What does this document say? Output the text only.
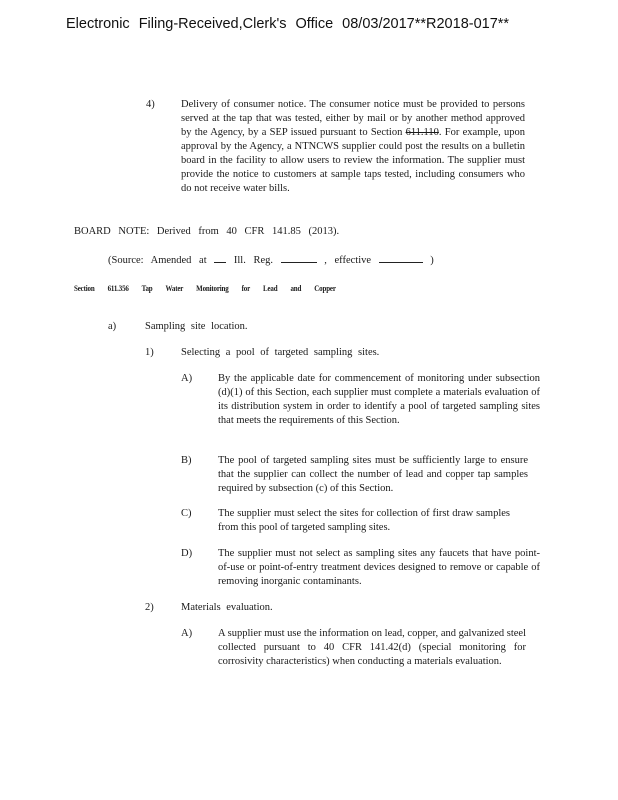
Electronic Filing-Received,Clerk's Office 08/03/2017**R2018-017**
4)	Delivery of consumer notice. The consumer notice must be provided to persons served at the tap that was tested, either by mail or by another method approved by the Agency, by a SEP issued pursuant to Section 611.110. For example, upon approval by the Agency, a NTNCWS supplier could post the results on a bulletin board in the facility to allow users to review the information. The supplier must provide the notice to customers at sample taps tested, including consumers who do not receive water bills.
BOARD NOTE: Derived from 40 CFR 141.85 (2013).
(Source: Amended at	Ill. Reg.	, effective	)
Section 611.356 Tap Water Monitoring for Lead and Copper
a)	Sampling site location.
1)	Selecting a pool of targeted sampling sites.
A) By the applicable date for commencement of monitoring under subsection (d)(1) of this Section, each supplier must complete a materials evaluation of its distribution system in order to identify a pool of targeted sampling sites that meets the requirements of this Section.
B)	The pool of targeted sampling sites must be sufficiently large to ensure that the supplier can collect the number of lead and copper tap samples required by subsection (c) of this Section.
C)	The supplier must select the sites for collection of first draw samples from this pool of targeted sampling sites.
D) The supplier must not select as sampling sites any faucets that have point-of-use or point-of-entry treatment devices designed to remove or capable of removing inorganic contaminants.
2)	Materials evaluation.
A) A supplier must use the information on lead, copper, and galvanized steel collected pursuant to 40 CFR 141.42(d) (special monitoring for corrosivity characteristics) when conducting a materials evaluation.
